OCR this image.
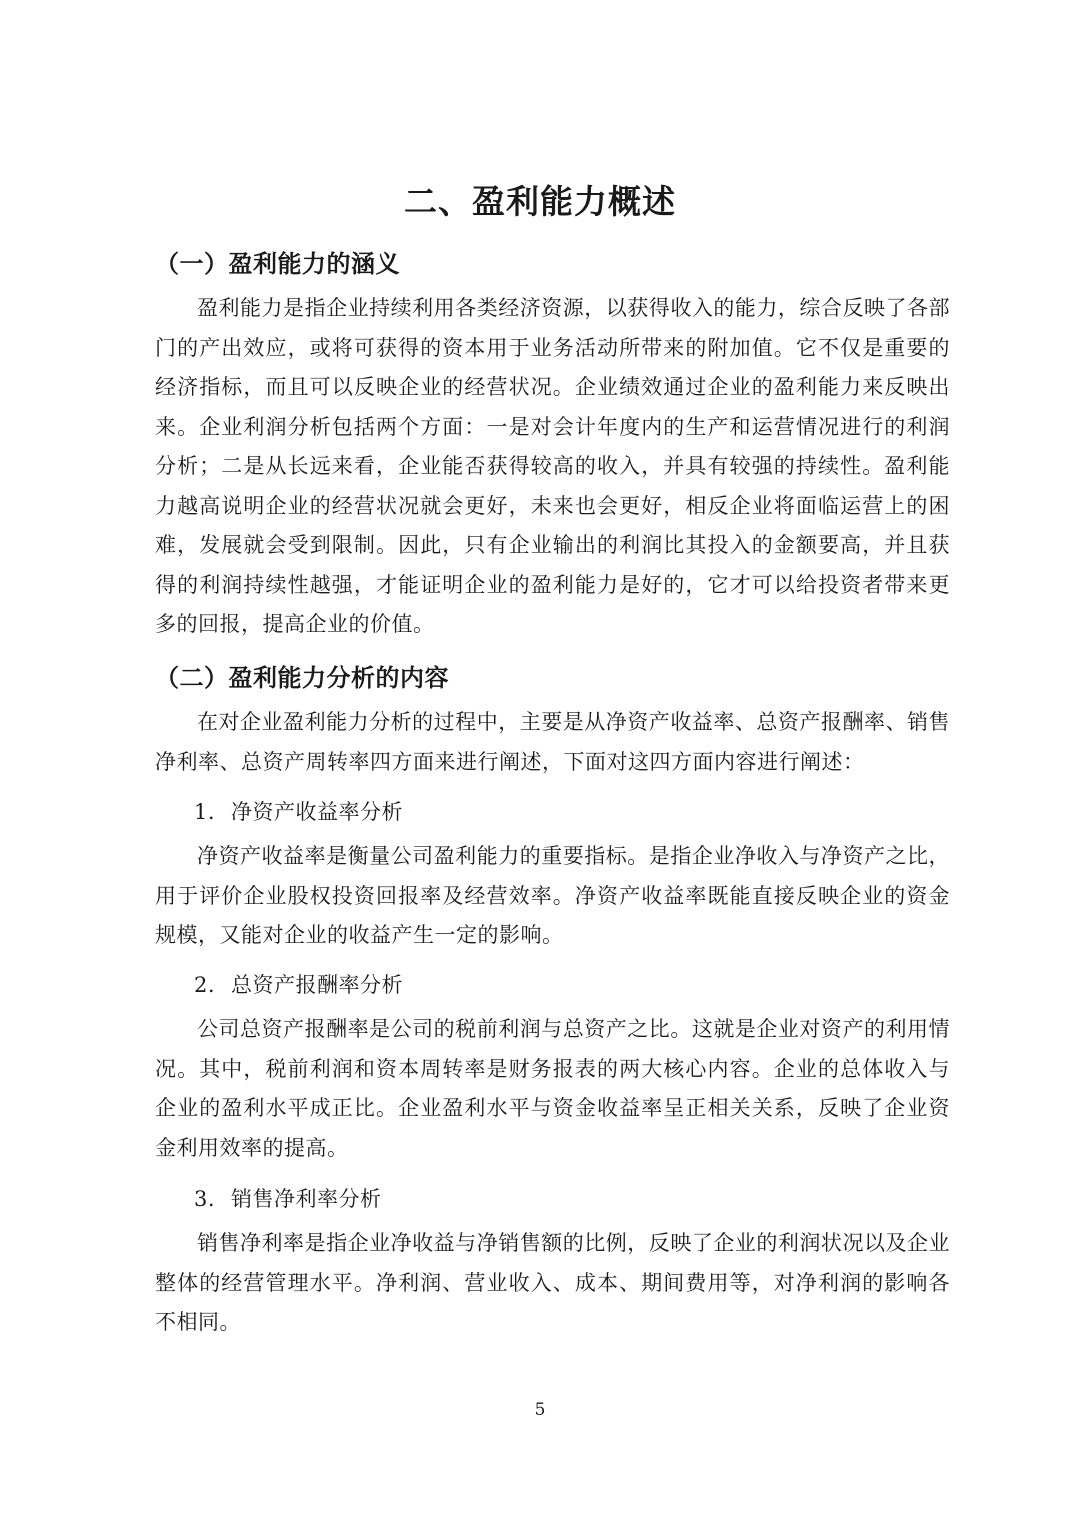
二、盈利能力概述
（一）盈利能力的涵义

盈利能力是指企业持续利用各类经济资源，以获得收入的能力，综合反映了各部门的产出效应，或将可获得的资本用于业务活动所带来的附加值。它不仅是重要的经济指标，而且可以反映企业的经营状况。企业绩效通过企业的盈利能力来反映出来。企业利润分析包括两个方面：一是对会计年度内的生产和运营情况进行的利润分析；二是从长远来看，企业能否获得较高的收入，并具有较强的持续性。盈利能力越高说明企业的经营状况就会更好，未来也会更好，相反企业将面临运营上的困难，发展就会受到限制。因此，只有企业输出的利润比其投入的金额要高，并且获得的利润持续性越强，才能证明企业的盈利能力是好的，它才可以给投资者带来更多的回报，提高企业的价值。

（二）盈利能力分析的内容

在对企业盈利能力分析的过程中，主要是从净资产收益率、总资产报酬率、销售净利率、总资产周转率四方面来进行阐述，下面对这四方面内容进行阐述：

1. 净资产收益率分析

净资产收益率是衡量公司盈利能力的重要指标。是指企业净收入与净资产之比，用于评价企业股权投资回报率及经营效率。净资产收益率既能直接反映企业的资金规模，又能对企业的收益产生一定的影响。

2. 总资产报酬率分析

公司总资产报酬率是公司的税前利润与总资产之比。这就是企业对资产的利用情况。其中，税前利润和资本周转率是财务报表的两大核心内容。企业的总体收入与企业的盈利水平成正比。企业盈利水平与资金收益率呈正相关关系，反映了企业资金利用效率的提高。

3. 销售净利率分析

销售净利率是指企业净收益与净销售额的比例，反映了企业的利润状况以及企业整体的经营管理水平。净利润、营业收入、成本、期间费用等，对净利润的影响各不相同。

5
